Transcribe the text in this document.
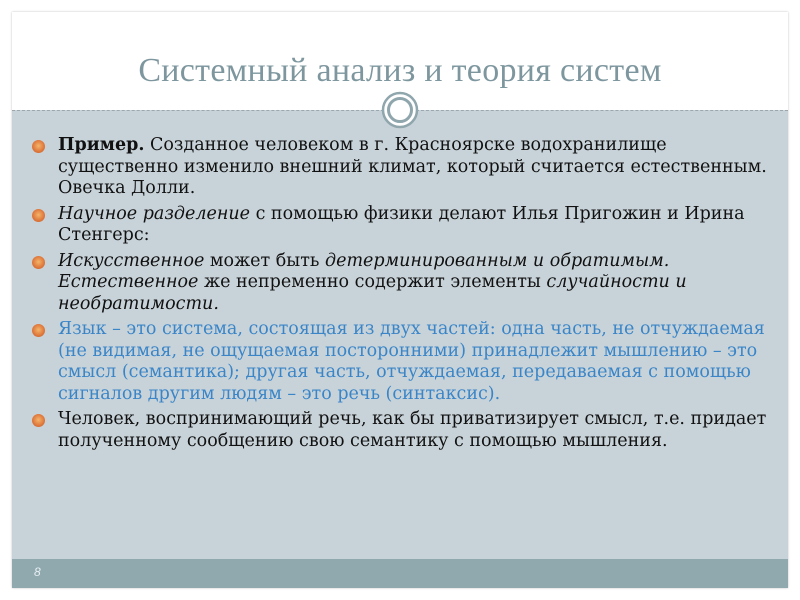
Системный анализ и теория систем
Пример. Созданное человеком в г. Красноярске водохранилище существенно изменило внешний климат, который считается естественным. Овечка Долли.
Научное разделение с помощью физики делают Илья Пригожин и Ирина Стенгерс:
Искусственное может быть детерминированным и обратимым. Естественное же непременно содержит элементы случайности и необратимости.
Язык – это система, состоящая из двух частей: одна часть, не отчуждаемая (не видимая, не ощущаемая посторонними) принадлежит мышлению – это смысл (семантика); другая часть, отчуждаемая, передаваемая с помощью сигналов другим людям – это речь (синтаксис).
Человек, воспринимающий речь, как бы приватизирует смысл, т.е. придает полученному сообщению свою семантику с помощью мышления.
8
